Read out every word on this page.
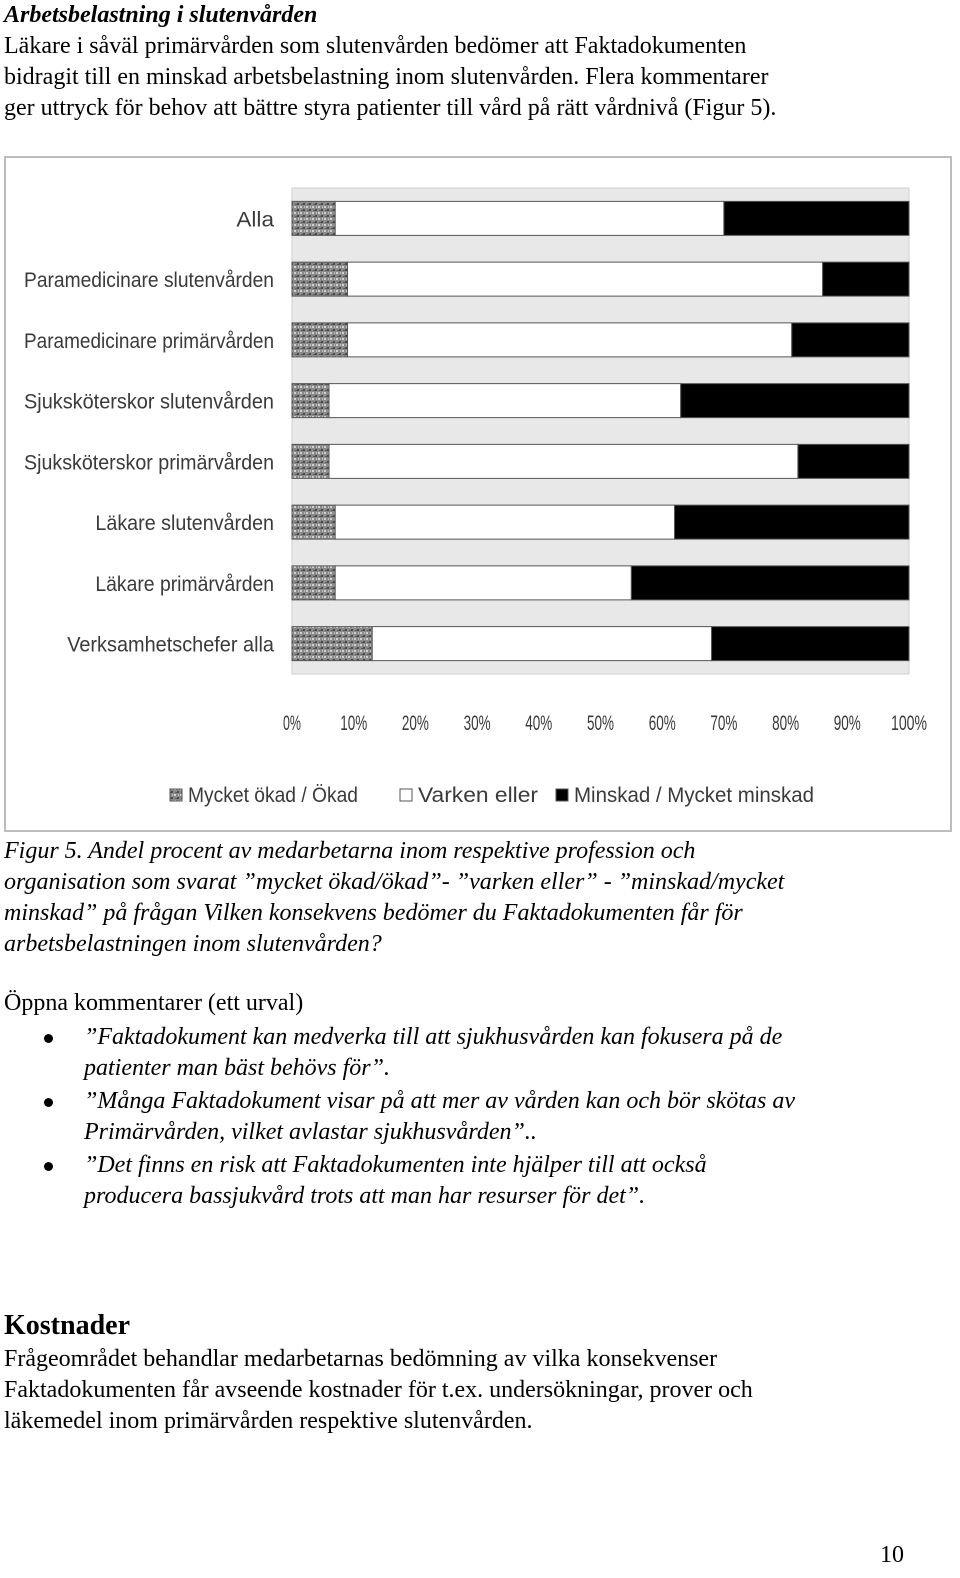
Arbetsbelastning i slutenvården
Läkare i såväl primärvården som slutenvården bedömer att Faktadokumenten
bidragit till en minskad arbetsbelastning inom slutenvården. Flera kommentarer
ger uttryck för behov att bättre styra patienter till vård på rätt vårdnivå (Figur 5).
Alla
Paramedicinare slutenvården
Paramedicinare primärvården
Sjuksköterskor slutenvården
Sjuksköterskor primärvården
Läkare slutenvården
Läkare primärvården
Verksamhetschefer alla
0% 10% 20% 30% 40% 50% 60% 70% 80% 90% 100%
Mycket ökad / Ökad	Varken eller Minskad / Mycket minskad
Figur 5. Andel procent av medarbetarna inom respektive profession och
organisation som svarat ”mycket ökad/ökad”- ”varken eller” - ”minskad/mycket
minskad” på frågan Vilken konsekvens bedömer du Faktadokumenten får för
arbetsbelastningen inom slutenvården?
Öppna kommentarer (ett urval)
”Faktadokument kan medverka till att sjukhusvården kan fokusera på de
patienter man bäst behövs för”.
”Många Faktadokument visar på att mer av vården kan och bör skötas av
Primärvården, vilket avlastar sjukhusvården”..
”Det finns en risk att Faktadokumenten inte hjälper till att också
producera bassjukvård trots att man har resurser för det”.
Kostnader
Frågeområdet behandlar medarbetarnas bedömning av vilka konsekvenser
Faktadokumenten får avseende kostnader för t.ex. undersökningar, prover och
läkemedel inom primärvården respektive slutenvården.
10
